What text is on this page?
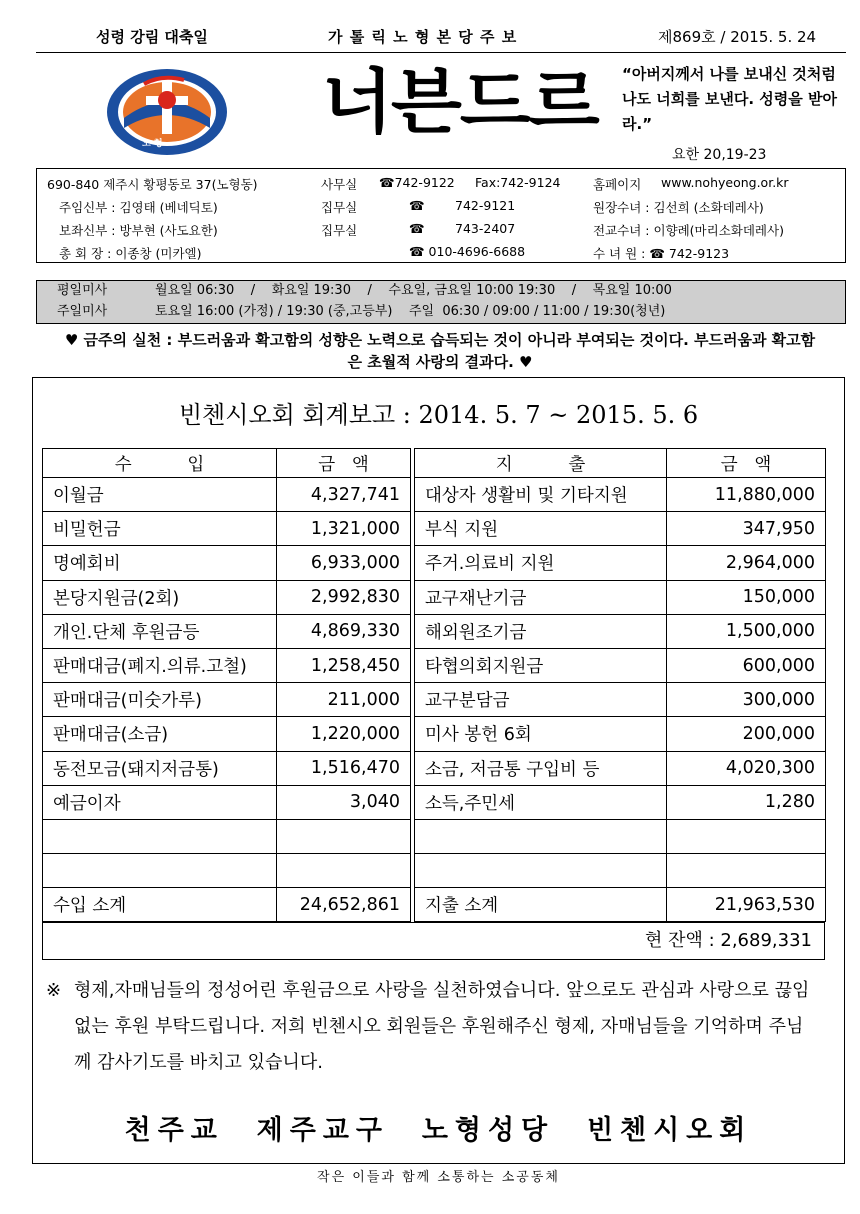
성령 강림 대축일	가 톨 릭 노 형 본 당 주 보	제869호 / 2015. 5. 24
노 형
너븐드르 “아버지께서 나를 보내신 것처럼 나도 너희를 보낸다. 성령을 받아라.”
요한 20,19-23
690-840 제주시 황평동로 37(노형동)	사무실 ☎742-9122 Fax:742-9124	홈페이지 www.nohyeong.or.kr
주임신부 : 김영태 (베네딕토)	집무실	☎ 742-9121	원장수녀 : 김선희 (소화데레사)
보좌신부 : 방부현 (사도요한)	집무실	☎ 743-2407	전교수녀 : 이향례(마리소화데레사)
총 회 장 : 이종창 (미카엘)	☎ 010-4696-6688	수 녀 원 : ☎ 742-9123
평일미사	월요일 06:30    /    화요일 19:30    /    수요일, 금요일 10:00 19:30    /    목요일 10:00
주일미사	토요일 16:00 (가정) / 19:30 (중,고등부)    주일  06:30 / 09:00 / 11:00 / 19:30(청년)
♥ 금주의 실천 : 부드러움과 확고함의 성향은 노력으로 습득되는 것이 아니라 부여되는 것이다. 부드러움과 확고함은 초월적 사랑의 결과다. ♥
빈첸시오회 회계보고 : 2014. 5. 7 ~ 2015. 5. 6
수          입	금   액		지          출	금   액
이월금	4,327,741		대상자 생활비 및 기타지원	11,880,000
비밀헌금	1,321,000		부식 지원	347,950
명예회비	6,933,000		주거.의료비 지원	2,964,000
본당지원금(2회)	2,992,830		교구재난기금	150,000
개인.단체 후원금등	4,869,330		해외원조기금	1,500,000
판매대금(폐지.의류.고철)	1,258,450		타협의회지원금	600,000
판매대금(미숫가루)	211,000		교구분담금	300,000
판매대금(소금)	1,220,000		미사 봉헌 6회	200,000
동전모금(돼지저금통)	1,516,470		소금, 저금통 구입비 등	4,020,300
예금이자	3,040		소득,주민세	1,280

수입 소계	24,652,861		지출 소계	21,963,530
현 잔액 : 2,689,331
※ 형제,자매님들의 정성어린 후원금으로 사랑을 실천하였습니다. 앞으로도 관심과 사랑으로 끊임없는 후원 부탁드립니다. 저희 빈첸시오 회원들은 후원해주신 형제, 자매님들을 기억하며 주님께 감사기도를 바치고 있습니다.
천주교  제주교구  노형성당  빈첸시오회
작은 이들과 함께 소통하는 소공동체
